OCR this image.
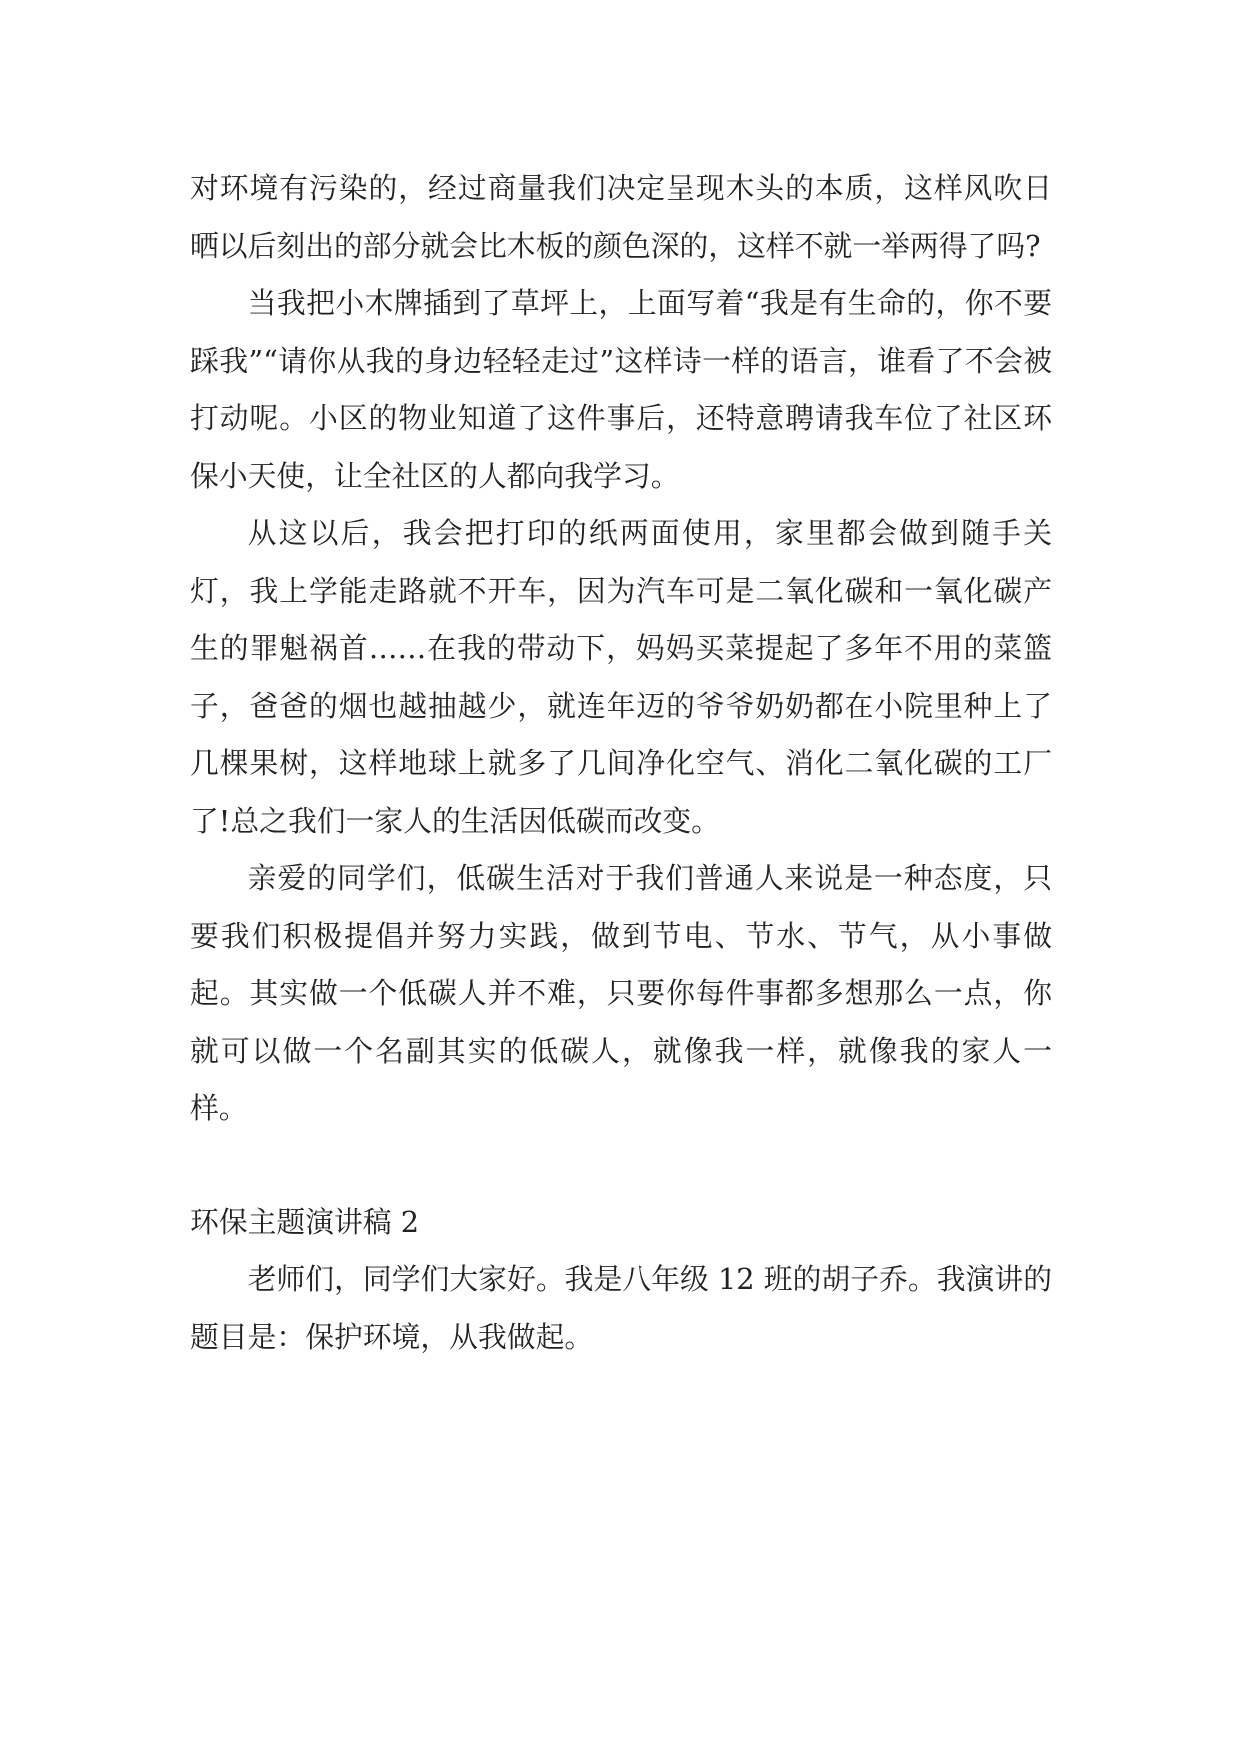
对环境有污染的，经过商量我们决定呈现木头的本质，这样风吹日晒以后刻出的部分就会比木板的颜色深的，这样不就一举两得了吗?

当我把小木牌插到了草坪上，上面写着“我是有生命的，你不要踩我”“请你从我的身边轻轻走过”这样诗一样的语言，谁看了不会被打动呢。小区的物业知道了这件事后，还特意聘请我车位了社区环保小天使，让全社区的人都向我学习。

从这以后，我会把打印的纸两面使用，家里都会做到随手关灯，我上学能走路就不开车，因为汽车可是二氧化碳和一氧化碳产生的罪魁祸首……在我的带动下，妈妈买菜提起了多年不用的菜篮子，爸爸的烟也越抽越少，就连年迈的爷爷奶奶都在小院里种上了几棵果树，这样地球上就多了几间净化空气、消化二氧化碳的工厂了!总之我们一家人的生活因低碳而改变。

亲爱的同学们，低碳生活对于我们普通人来说是一种态度，只要我们积极提倡并努力实践，做到节电、节水、节气，从小事做起。其实做一个低碳人并不难，只要你每件事都多想那么一点，你就可以做一个名副其实的低碳人，就像我一样，就像我的家人一样。

环保主题演讲稿 2

老师们，同学们大家好。我是八年级 12 班的胡子乔。我演讲的题目是：保护环境，从我做起。
